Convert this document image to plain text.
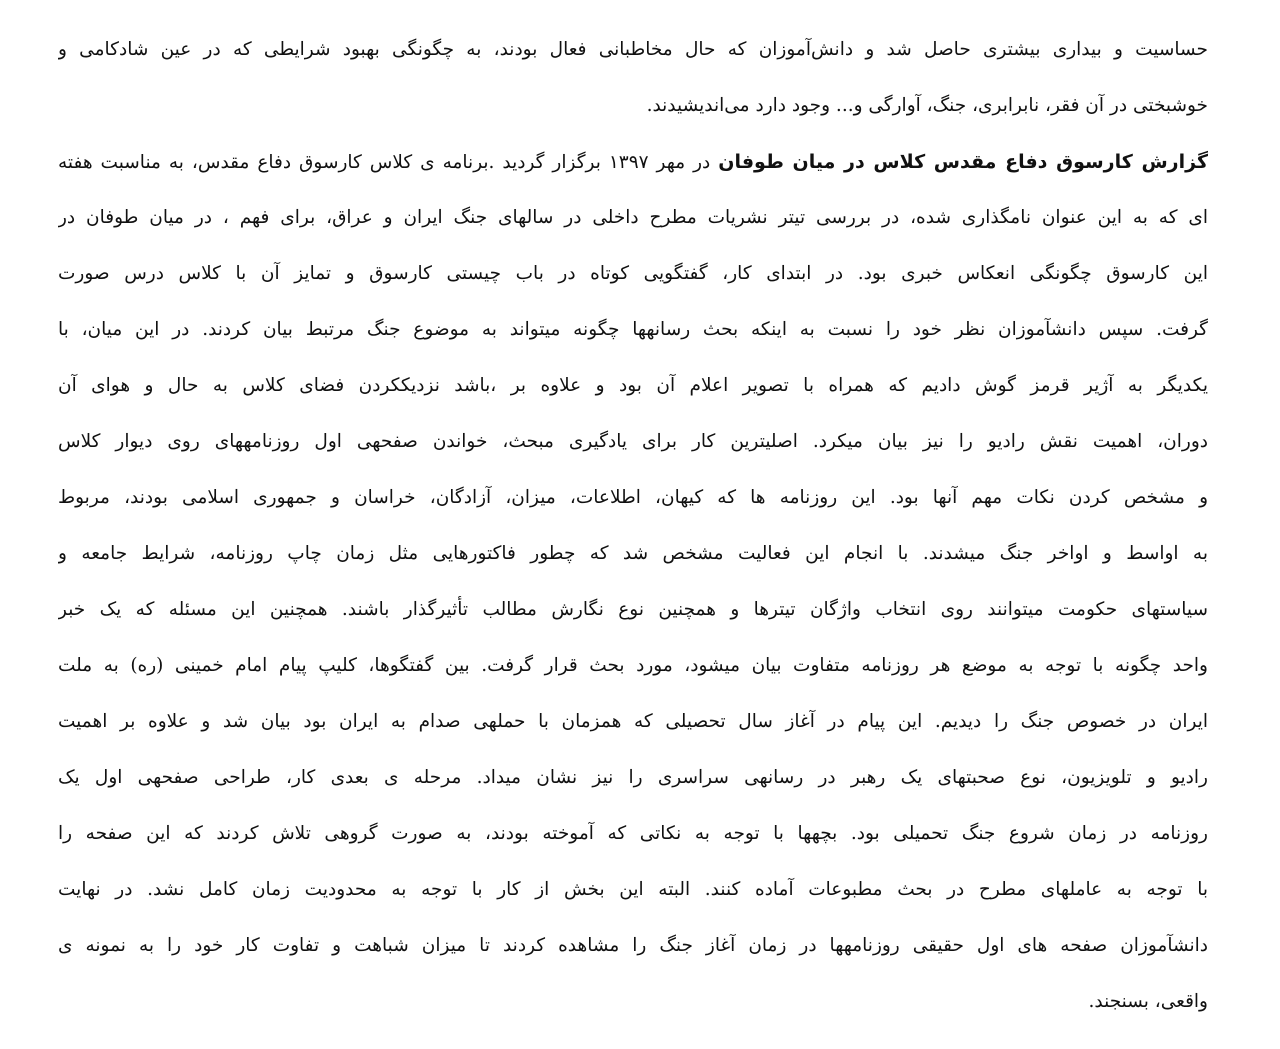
حساسیت و بیداری بیشتری حاصل شد و دانش‌آموزان که حال مخاطبانی فعال بودند، به چگونگی بهبود شرایطی که در عین شادکامی و
خوشبختی در آن فقر، نابرابری، جنگ، آوارگی و... وجود دارد می‌اندیشیدند.
گزارش کارسوق دفاع مقدس کلاس در میان طوفان در مهر ۱۳۹۷ برگزار گردید .برنامه ی کلاس کارسوق دفاع مقدس، به مناسبت هفته
ای که به این عنوان نامگذاری شده، در بررسی تیتر نشریات مطرح داخلی در سالهای جنگ ایران و عراق، برای فهم ، در میان طوفان در
این کارسوق چگونگی انعکاس خبری بود. در ابتدای کار، گفتگویی کوتاه در باب چیستی کارسوق و تمایز آن با کلاس درس صورت
گرفت. سپس دانشآموزان نظر خود را نسبت به اینکه بحث رسانهها چگونه میتواند به موضوع جنگ مرتبط بیان کردند. در این میان، با
یکدیگر به آژیر قرمز گوش دادیم که همراه با تصویر اعلام آن بود و علاوه بر ،باشد نزدیککردن فضای کلاس به حال و هوای آن
دوران، اهمیت نقش رادیو را نیز بیان میکرد. اصلیترین کار برای یادگیری مبحث، خواندن صفحهی اول روزنامههای روی دیوار کلاس
و مشخص کردن نکات مهم آنها بود. این روزنامه ها که کیهان، اطلاعات، میزان، آزادگان، خراسان و جمهوری اسلامی بودند، مربوط
به اواسط و اواخر جنگ میشدند. با انجام این فعالیت مشخص شد که چطور فاکتورهایی مثل زمان چاپ روزنامه، شرایط جامعه و
سیاستهای حکومت میتوانند روی انتخاب واژگان تیترها و همچنین نوع نگارش مطالب تأثیرگذار باشند. همچنین این مسئله که یک خبر
واحد چگونه با توجه به موضع هر روزنامه متفاوت بیان میشود، مورد بحث قرار گرفت. بین گفتگوها، کلیپ پیام امام خمینی (ره) به ملت
ایران در خصوص جنگ را دیدیم. این پیام در آغاز سال تحصیلی که همزمان با حملهی صدام به ایران بود بیان شد و علاوه بر اهمیت
رادیو و تلویزیون، نوع صحبتهای یک رهبر در رسانهی سراسری را نیز نشان میداد. مرحله ی بعدی کار، طراحی صفحهی اول یک
روزنامه در زمان شروع جنگ تحمیلی بود. بچهها با توجه به نکاتی که آموخته بودند، به صورت گروهی تلاش کردند که این صفحه را
با توجه به عاملهای مطرح در بحث مطبوعات آماده کنند. البته این بخش از کار با توجه به محدودیت زمان کامل نشد. در نهایت
دانشآموزان صفحه های اول حقیقی روزنامهها در زمان آغاز جنگ را مشاهده کردند تا میزان شباهت و تفاوت کار خود را به نمونه ی
واقعی، بسنجند.
